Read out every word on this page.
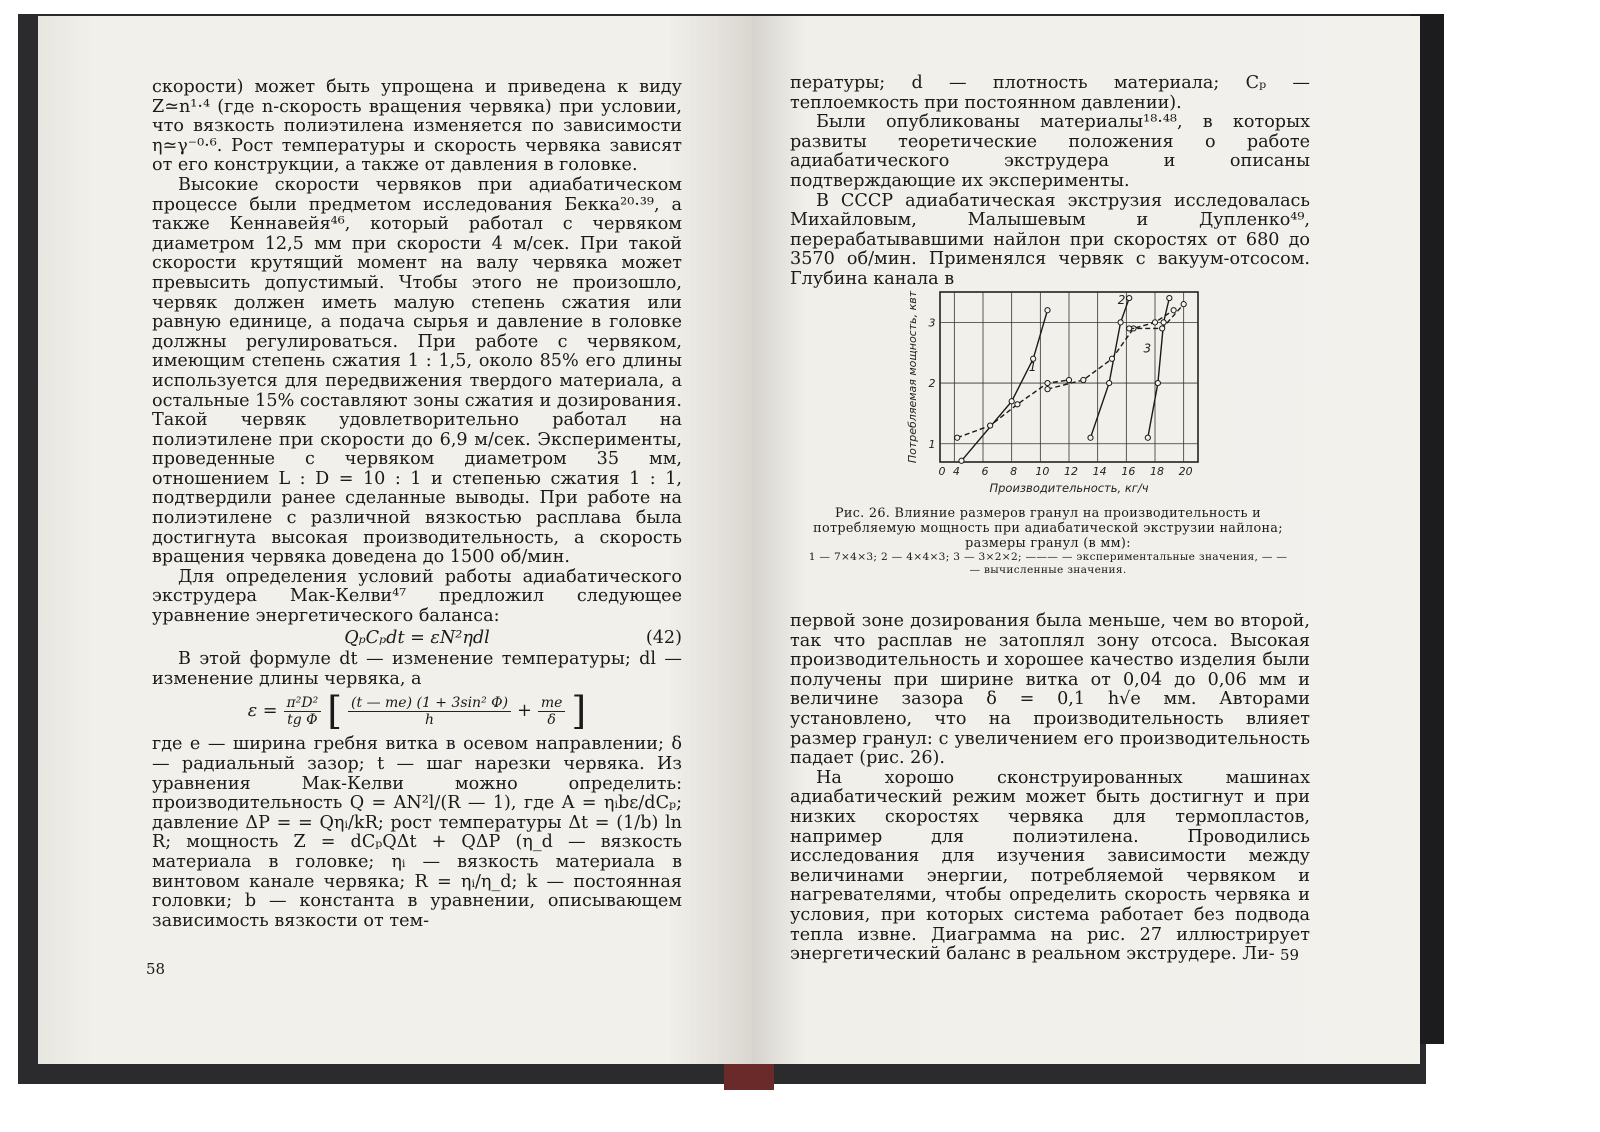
скорости) может быть упрощена и приведена к виду Z≃n¹·⁴ (где n-скорость вращения червяка) при условии, что вязкость полиэтилена изменяется по зависимости η≃γ⁻⁰·⁶. Рост температуры и скорость червяка зависят от его конструкции, а также от давления в головке.

Высокие скорости червяков при адиабатическом процессе были предметом исследования Бекка²⁰·³⁹, а также Кеннавейя⁴⁶, который работал с червяком диаметром 12,5 мм при скорости 4 м/сек. При такой скорости крутящий момент на валу червяка может превысить допустимый. Чтобы этого не произошло, червяк должен иметь малую степень сжатия или равную единице, а подача сырья и давление в головке должны регулироваться. При работе с червяком, имеющим степень сжатия 1 : 1,5, около 85% его длины используется для передвижения твердого материала, а остальные 15% составляют зоны сжатия и дозирования. Такой червяк удовлетворительно работал на полиэтилене при скорости до 6,9 м/сек. Эксперименты, проведенные с червяком диаметром 35 мм, отношением L : D = 10 : 1 и степенью сжатия 1 : 1, подтвердили ранее сделанные выводы. При работе на полиэтилене с различной вязкостью расплава была достигнута высокая производительность, а скорость вращения червяка доведена до 1500 об/мин.

Для определения условий работы адиабатического экструдера Мак-Келви⁴⁷ предложил следующее уравнение энергетического баланса:

QₚCₚdt = εN²ηdl	(42)

В этой формуле dt — изменение температуры; dl — изменение длины червяка, а

$\varepsilon = \frac{\text{π²D²}}{\text{tg Φ}}$ [ $\frac{\text{(t — me) (1 + 3sin² Φ)}}{h} + \frac{me}{\delta}$ ]

где e — ширина гребня витка в осевом направлении; δ — радиальный зазор; t — шаг нарезки червяка. Из уравнения Мак-Келви можно определить: производительность Q = AN²l/(R — 1), где A = ηᵢbε/dCₚ; давление ΔP = = Qηᵢ/kR; рост температуры Δt = (1/b) ln R; мощность Z = dCₚQΔt + QΔP (η_d — вязкость материала в головке; ηᵢ — вязкость материала в винтовом канале червяка; R = ηᵢ/η_d; k — постоянная головки; b — константа в уравнении, описывающем зависимость вязкости от тем-

58

пературы; d — плотность материала; Cₚ — теплоемкость при постоянном давлении).

Были опубликованы материалы¹⁸·⁴⁸, в которых развиты теоретические положения о работе адиабатического экструдера и описаны подтверждающие их эксперименты.

В СССР адиабатическая экструзия исследовалась Михайловым, Малышевым и Дупленко⁴⁹, перерабатывавшими найлон при скоростях от 680 до 3570 об/мин. Применялся червяк с вакуум-отсосом. Глубина канала в

0 4 6 8 10 12 14 16 18 20
1
2
3
Производительность, кг/ч
Потребляемая мощность, квт	1
2
3
Рис. 26. Влияние размеров гранул на производительность и потребляемую мощность при адиабатической экструзии найлона; размеры гранул (в мм):
1 — 7×4×3; 2 — 4×4×3; 3 — 3×2×2; ——— — экспериментальные значения, — — — вычисленные значения.

первой зоне дозирования была меньше, чем во второй, так что расплав не затоплял зону отсоса. Высокая производительность и хорошее качество изделия были получены при ширине витка от 0,04 до 0,06 мм и величине зазора δ = 0,1 h√e мм. Авторами установлено, что на производительность влияет размер гранул: с увеличением его производительность падает (рис. 26).

На хорошо сконструированных машинах адиабатический режим может быть достигнут и при низких скоростях червяка для термопластов, например для полиэтилена. Проводились исследования для изучения зависимости между величинами энергии, потребляемой червяком и нагревателями, чтобы определить скорость червяка и условия, при которых система работает без подвода тепла извне. Диаграмма на рис. 27 иллюстрирует энергетический баланс в реальном экструдере. Ли- 59
